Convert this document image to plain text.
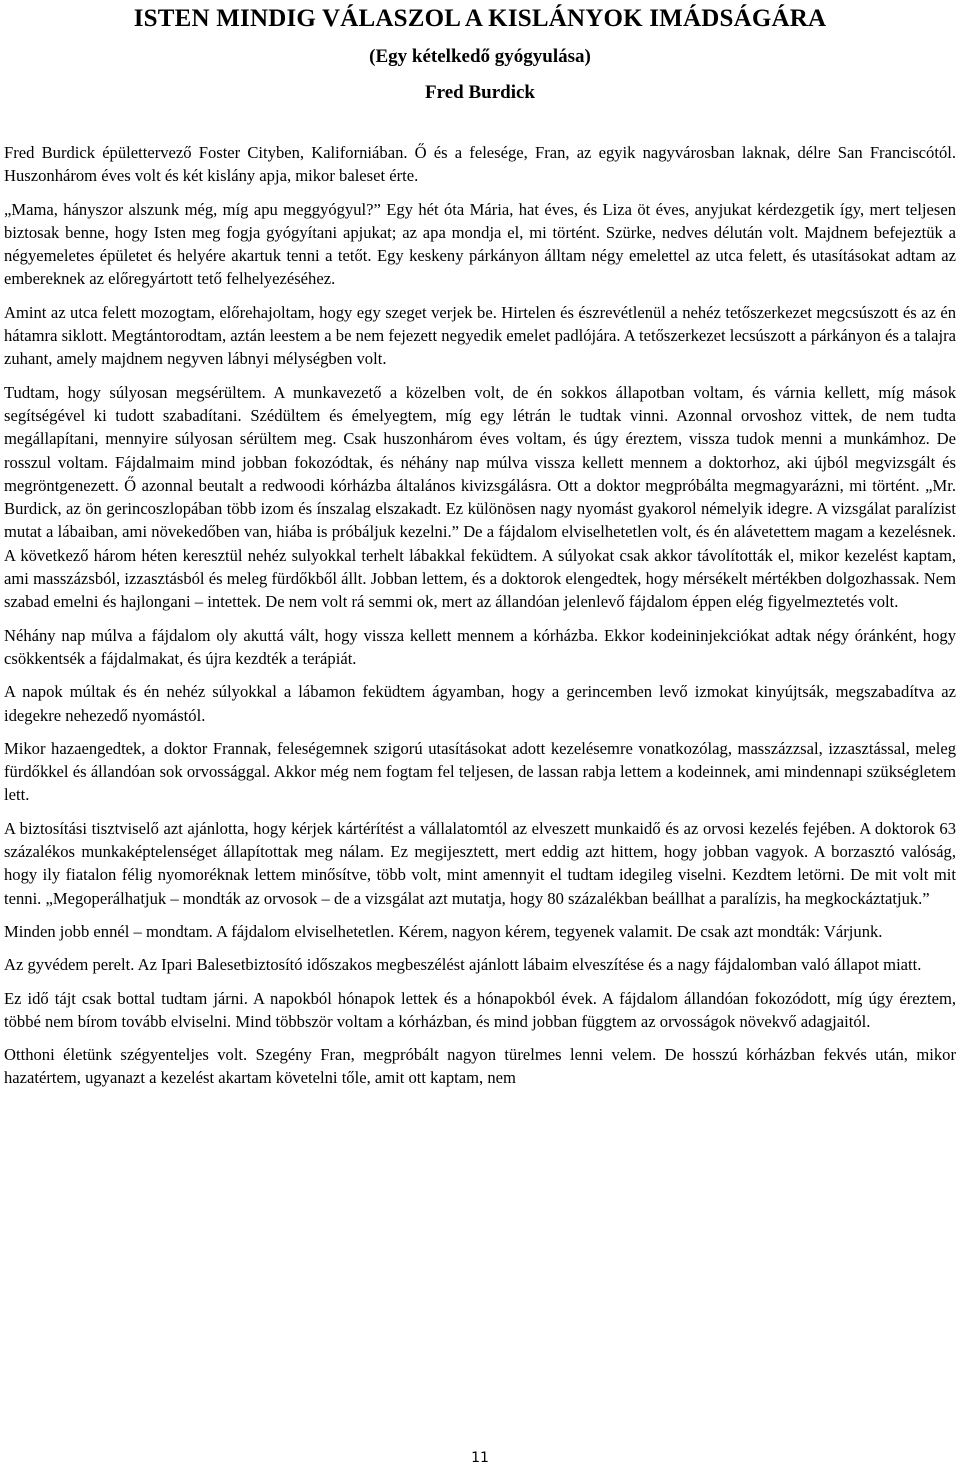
ISTEN MINDIG VÁLASZOL A KISLÁNYOK IMÁDSÁGÁRA
(Egy kételkedő gyógyulása)
Fred Burdick

Fred Burdick épülettervező Foster Cityben, Kaliforniában. Ő és a felesége, Fran, az egyik nagyvárosban laknak, délre San Franciscótól. Huszonhárom éves volt és két kislány apja, mikor baleset érte.

„Mama, hányszor alszunk még, míg apu meggyógyul?” Egy hét óta Mária, hat éves, és Liza öt éves, anyjukat kérdezgetik így, mert teljesen biztosak benne, hogy Isten meg fogja gyógyítani apjukat; az apa mondja el, mi történt. Szürke, nedves délután volt. Majdnem befejeztük a négyemeletes épületet és helyére akartuk tenni a tetőt. Egy keskeny párkányon álltam négy emelettel az utca felett, és utasításokat adtam az embereknek az előregyártott tető felhelyezéséhez.

Amint az utca felett mozogtam, előrehajoltam, hogy egy szeget verjek be. Hirtelen és észrevétlenül a nehéz tetőszerkezet megcsúszott és az én hátamra siklott. Megtántorodtam, aztán leestem a be nem fejezett negyedik emelet padlójára. A tetőszerkezet lecsúszott a párkányon és a talajra zuhant, amely majdnem negyven lábnyi mélységben volt.

Tudtam, hogy súlyosan megsérültem. A munkavezető a közelben volt, de én sokkos állapotban voltam, és várnia kellett, míg mások segítségével ki tudott szabadítani. Szédültem és émelyegtem, míg egy létrán le tudtak vinni. Azonnal orvoshoz vittek, de nem tudta megállapítani, mennyire súlyosan sérültem meg. Csak huszonhárom éves voltam, és úgy éreztem, vissza tudok menni a munkámhoz. De rosszul voltam. Fájdalmaim mind jobban fokozódtak, és néhány nap múlva vissza kellett mennem a doktorhoz, aki újból megvizsgált és megröntgenezett. Ő azonnal beutalt a redwoodi kórházba általános kivizsgálásra. Ott a doktor megpróbálta megmagyarázni, mi történt. „Mr. Burdick, az ön gerincoszlopában több izom és ínszalag elszakadt. Ez különösen nagy nyomást gyakorol némelyik idegre. A vizsgálat paralízist mutat a lábaiban, ami növekedőben van, hiába is próbáljuk kezelni.” De a fájdalom elviselhetetlen volt, és én alávetettem magam a kezelésnek. A következő három héten keresztül nehéz sulyokkal terhelt lábakkal feküdtem. A súlyokat csak akkor távolították el, mikor kezelést kaptam, ami masszázsból, izzasztásból és meleg fürdőkből állt. Jobban lettem, és a doktorok elengedtek, hogy mérsékelt mértékben dolgozhassak. Nem szabad emelni és hajlongani – intettek. De nem volt rá semmi ok, mert az állandóan jelenlevő fájdalom éppen elég figyelmeztetés volt.

Néhány nap múlva a fájdalom oly akuttá vált, hogy vissza kellett mennem a kórházba. Ekkor kodeininjekciókat adtak négy óránként, hogy csökkentsék a fájdalmakat, és újra kezdték a terápiát.

A napok múltak és én nehéz súlyokkal a lábamon feküdtem ágyamban, hogy a gerincemben levő izmokat kinyújtsák, megszabadítva az idegekre nehezedő nyomástól.

Mikor hazaengedtek, a doktor Frannak, feleségemnek szigorú utasításokat adott kezelésemre vonatkozólag, masszázzsal, izzasztással, meleg fürdőkkel és állandóan sok orvossággal. Akkor még nem fogtam fel teljesen, de lassan rabja lettem a kodeinnek, ami mindennapi szükségletem lett.

A biztosítási tisztviselő azt ajánlotta, hogy kérjek kártérítést a vállalatomtól az elveszett munkaidő és az orvosi kezelés fejében. A doktorok 63 százalékos munkaképtelenséget állapítottak meg nálam. Ez megijesztett, mert eddig azt hittem, hogy jobban vagyok. A borzasztó valóság, hogy ily fiatalon félig nyomoréknak lettem minősítve, több volt, mint amennyit el tudtam idegileg viselni. Kezdtem letörni. De mit volt mit tenni. „Megoperálhatjuk – mondták az orvosok – de a vizsgálat azt mutatja, hogy 80 százalékban beállhat a paralízis, ha megkockáztatjuk.”

Minden jobb ennél – mondtam. A fájdalom elviselhetetlen. Kérem, nagyon kérem, tegyenek valamit. De csak azt mondták: Várjunk.

Az gyvédem perelt. Az Ipari Balesetbiztosító időszakos megbeszélést ajánlott lábaim elveszítése és a nagy fájdalomban való állapot miatt.

Ez idő tájt csak bottal tudtam járni. A napokból hónapok lettek és a hónapokból évek. A fájdalom állandóan fokozódott, míg úgy éreztem, többé nem bírom tovább elviselni. Mind többször voltam a kórházban, és mind jobban függtem az orvosságok növekvő adagjaitól.

Otthoni életünk szégyenteljes volt. Szegény Fran, megpróbált nagyon türelmes lenni velem. De hosszú kórházban fekvés után, mikor hazatértem, ugyanazt a kezelést akartam követelni tőle, amit ott kaptam, nem

11
